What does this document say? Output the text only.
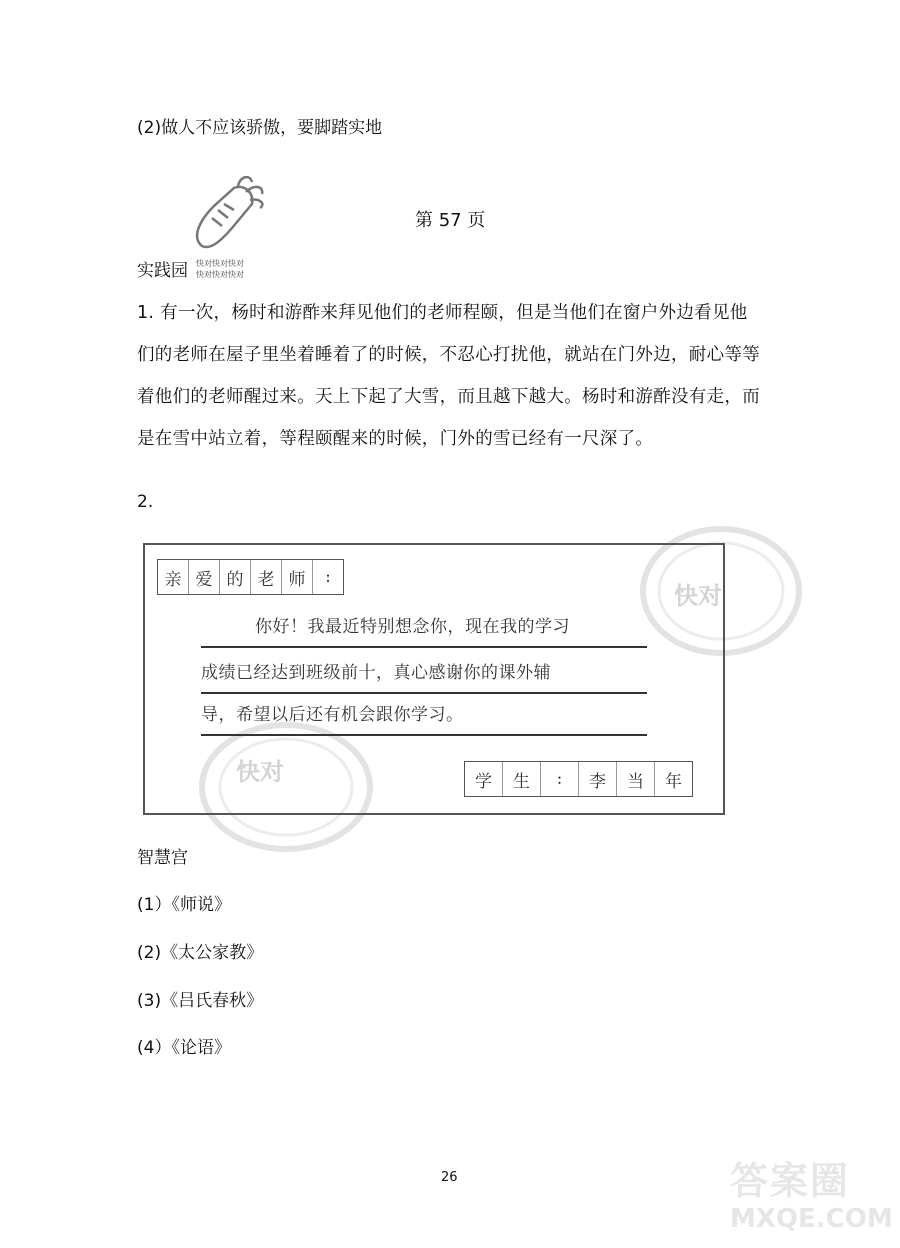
(2)做人不应该骄傲，要脚踏实地
第 57 页
实践园 快对快对快对
快对快对快对
1. 有一次，杨时和游酢来拜见他们的老师程颐，但是当他们在窗户外边看见他
们的老师在屋子里坐着睡着了的时候，不忍心打扰他，就站在门外边，耐心等等
着他们的老师醒过来。天上下起了大雪，而且越下越大。杨时和游酢没有走，而
是在雪中站立着，等程颐醒来的时候，门外的雪已经有一尺深了。
2.
快对
快对
亲 爱 的 老 师	:
你好！我最近特别想念你，现在我的学习
成绩已经达到班级前十，真心感谢你的课外辅
导，希望以后还有机会跟你学习。
学	生	:	李	当	年
智慧宫
(1）《师说》
(2)《太公家教》
(3)《吕氏春秋》
(4）《论语》
26	答案圈
MXQE.COM
